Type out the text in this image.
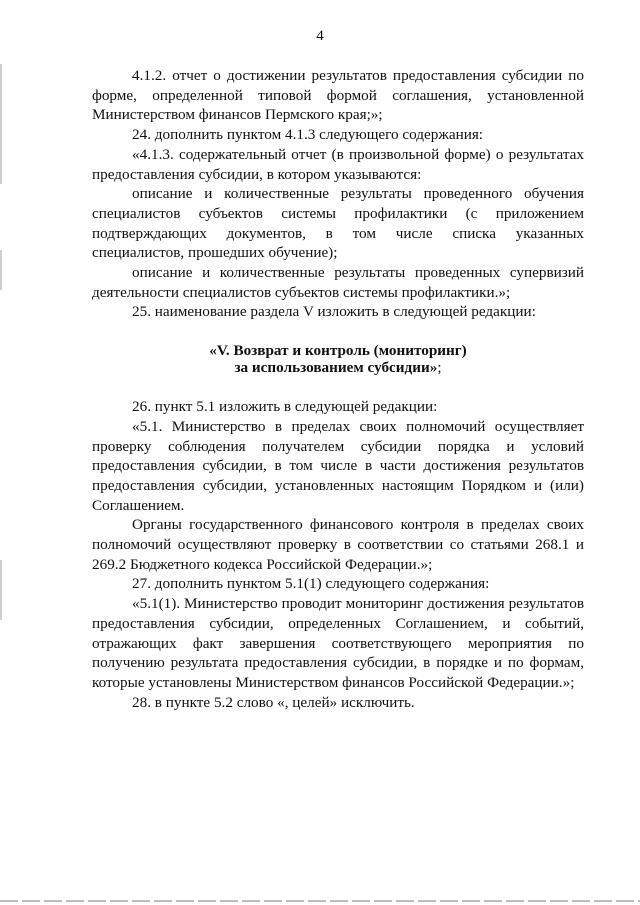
4

4.1.2. отчет о достижении результатов предоставления субсидии по форме, определенной типовой формой соглашения, установленной Министерством финансов Пермского края;»;

24. дополнить пунктом 4.1.3 следующего содержания:

«4.1.3. содержательный отчет (в произвольной форме) о результатах предоставления субсидии, в котором указываются:

описание и количественные результаты проведенного обучения специалистов субъектов системы профилактики (с приложением подтверждающих документов, в том числе списка указанных специалистов, прошедших обучение);

описание и количественные результаты проведенных супервизий деятельности специалистов субъектов системы профилактики.»;

25. наименование раздела V изложить в следующей редакции:

«V. Возврат и контроль (мониторинг)
за использованием субсидии»;

26. пункт 5.1 изложить в следующей редакции:

«5.1. Министерство в пределах своих полномочий осуществляет проверку соблюдения получателем субсидии порядка и условий предоставления субсидии, в том числе в части достижения результатов предоставления субсидии, установленных настоящим Порядком и (или) Соглашением.

Органы государственного финансового контроля в пределах своих полномочий осуществляют проверку в соответствии со статьями 268.1 и 269.2 Бюджетного кодекса Российской Федерации.»;

27. дополнить пунктом 5.1(1) следующего содержания:

«5.1(1). Министерство проводит мониторинг достижения результатов предоставления субсидии, определенных Соглашением, и событий, отражающих факт завершения соответствующего мероприятия по получению результата предоставления субсидии, в порядке и по формам, которые установлены Министерством финансов Российской Федерации.»;

28. в пункте 5.2 слово «, целей» исключить.
